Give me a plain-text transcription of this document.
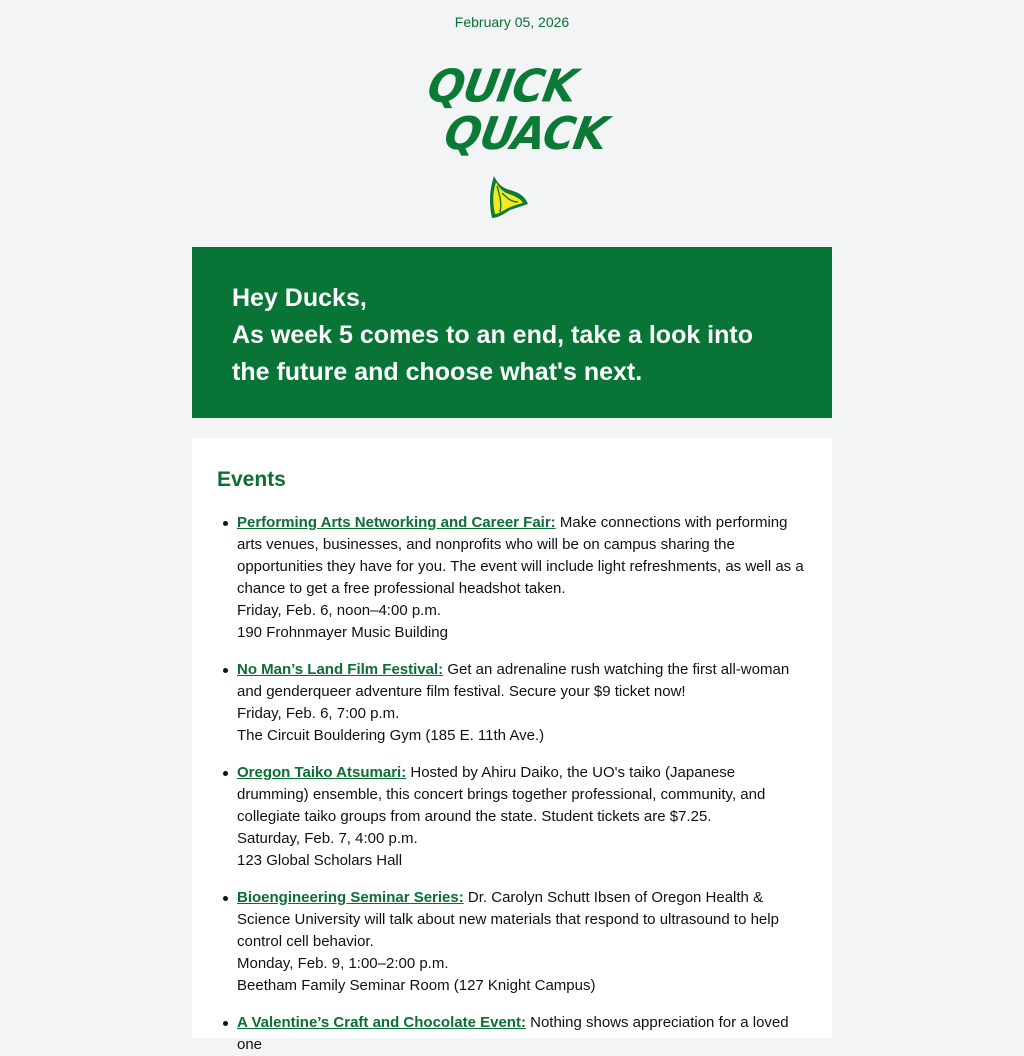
February 05, 2026
QUICK
QUACK

Hey Ducks,

As week 5 comes to an end, take a look into the future and choose what's next.

Events
Performing Arts Networking and Career Fair: Make connections with performing arts venues, businesses, and nonprofits who will be on campus sharing the opportunities they have for you. The event will include light refreshments, as well as a chance to get a free professional headshot taken.
Friday, Feb. 6, noon–4:00 p.m.
190 Frohnmayer Music Building
No Man’s Land Film Festival: Get an adrenaline rush watching the first all-woman and genderqueer adventure film festival. Secure your $9 ticket now!
Friday, Feb. 6, 7:00 p.m.
The Circuit Bouldering Gym (185 E. 11th Ave.)
Oregon Taiko Atsumari: Hosted by Ahiru Daiko, the UO's taiko (Japanese drumming) ensemble, this concert brings together professional, community, and collegiate taiko groups from around the state. Student tickets are $7.25.
Saturday, Feb. 7, 4:00 p.m.
123 Global Scholars Hall
Bioengineering Seminar Series: Dr. Carolyn Schutt Ibsen of Oregon Health & Science University will talk about new materials that respond to ultrasound to help control cell behavior.
Monday, Feb. 9, 1:00–2:00 p.m.
Beetham Family Seminar Room (127 Knight Campus)
A Valentine’s Craft and Chocolate Event: Nothing shows appreciation for a loved one
